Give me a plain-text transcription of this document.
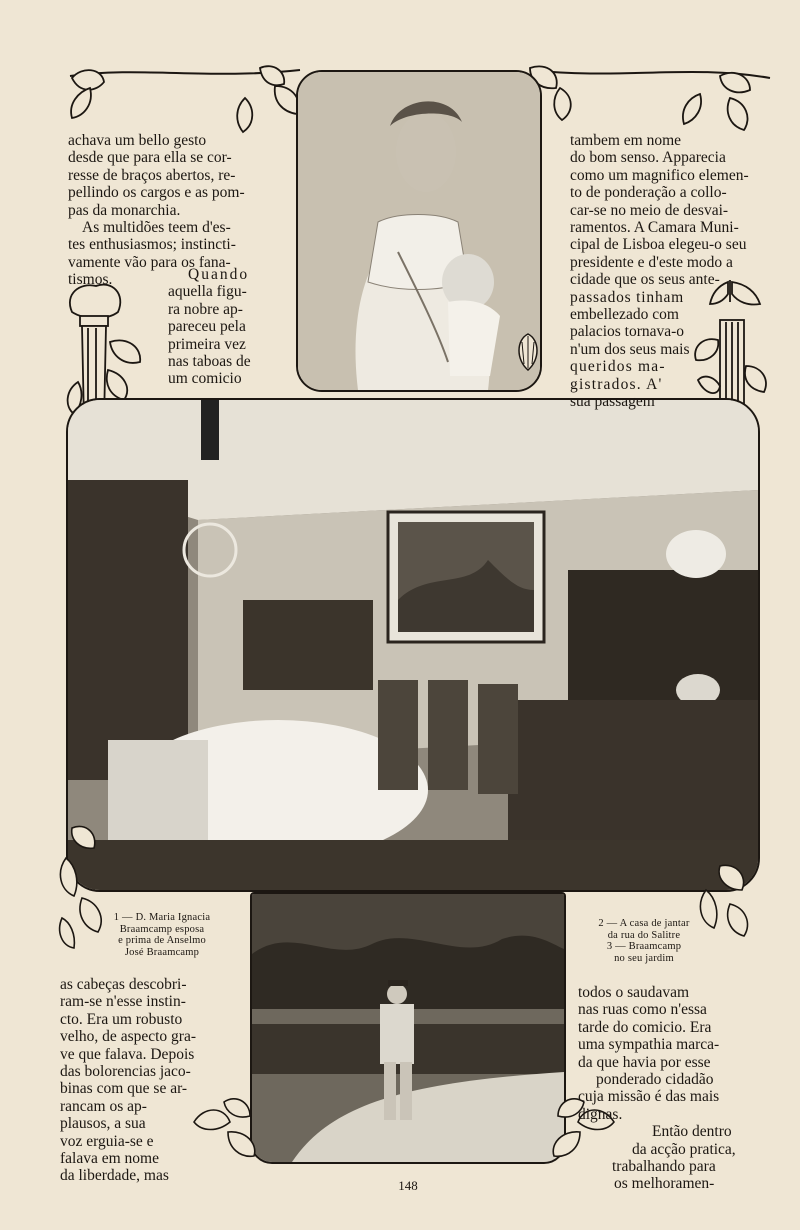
achava um bello gesto

desde que para ella se cor-

resse de braços abertos, re-

pellindo os cargos e as pom-

pas da monarchia.

As multidões teem d'es-

tes enthusiasmos; instincti-

vamente vão para os fana-

tismos.	Quando

aquella figu-

ra nobre ap-

pareceu pela

primeira vez

nas taboas de

um comicio

tambem em nome

do bom senso. Apparecia

como um magnifico elemen-

to de ponderação a collo-

car-se no meio de desvai-

ramentos. A Camara Muni-

cipal de Lisboa elegeu-o seu

presidente e d'este modo a

cidade que os seus ante-

passados tinham

embellezado com

palacios tornava-o

n'um dos seus mais

queridos ma-

gistrados. A'

sua passagem

1 — D. Maria Ignacia
Braamcamp esposa
e prima de Anselmo
José Braamcamp
2 — A casa de jantar
da rua do Salitre
3 — Braamcamp
no seu jardim

as cabeças descobri-

ram-se n'esse instin-

cto. Era um robusto

velho, de aspecto gra-

ve que falava. Depois

das bolorencias jaco-

binas com que se ar-

rancam os ap-

plausos, a sua

voz erguia-se e

falava em nome

da liberdade, mas

todos o saudavam

nas ruas como n'essa

tarde do comicio. Era

uma sympathia marca-

da que havia por esse

ponderado cidadão

cuja missão é das mais

dignas.

Então dentro

da acção pratica,

trabalhando para

os melhoramen-

148
